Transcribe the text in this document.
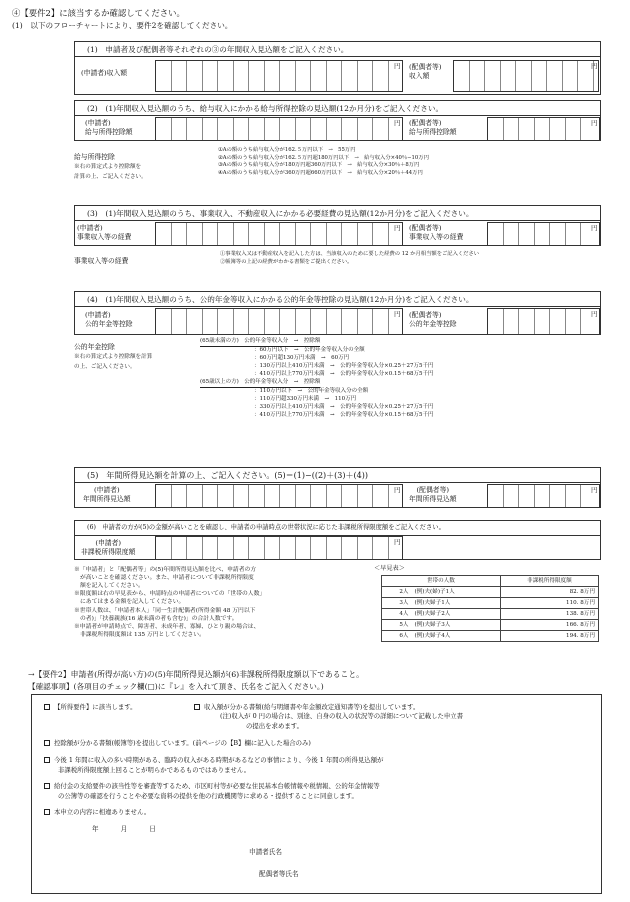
④【要件2】に該当するか確認してください。
(1)　以下のフローチャートにより、要件2を確認してください。
(1)　申請者及び配偶者等それぞれの③の年間収入見込額をご記入ください。
(申請者)収入額
円 (配偶者等)
収入額
円
(2)　(1)年間収入見込額のうち、給与収入にかかる給与所得控除の見込額(12か月分)をご記入ください。
(申請者)
給与所得控除額
円 (配偶者等)
給与所得控除額
円
給与所得控除
※右の算定式より控除額を
計算の上、ご記入ください。
①Aの額のうち給与収入分が162.５万円以下　→　55万円
②Aの額のうち給与収入分が162.５万円超180万円以下　→　給与収入分×40％−10万円
③Aの額のうち給与収入分が180万円超360万円以下　→　給与収入分×30％＋8万円
④Aの額のうち給与収入分が360万円超660万円以下　→　給与収入分×20％＋44万円
(3)　(1)年間収入見込額のうち、事業収入、不動産収入にかかる必要経費の見込額(12か月分)をご記入ください。
(申請者)
事業収入等の経費
円 (配偶者等)
事業収入等の経費
円
事業収入等の経費
①事業収入又は不動産収入を記入した方は、当該収入のために要した経費の 12 か月相当額をご記入ください
②帳簿等の上記の経費がわかる書類をご提出ください。
(4)　(1)年間収入見込額のうち、公的年金等収入にかかる公的年金等控除の見込額(12か月分)をご記入ください。
(申請者)
公的年金等控除
円 (配偶者等)
公的年金等控除
円
公的年金控除
※右の算定式より控除額を計算
の上、ご記入ください。
(65歳未満の方)　公的年金等収入分　→　控除額
：60万円以下　→　公的年金等収入分の全額
：60万円超130万円未満　→　60万円
：130万円以上410万円未満　→　公的年金等収入分×0.25＋27万5千円
：410万円以上770万円未満　→　公的年金等収入分×0.15＋68万5千円
(65歳以上の方)　公的年金等収入分　→　控除額
：110万円以下　→　公的年金等収入分の全額
：110万円超330万円未満　→　110万円
：330万円以上410万円未満　→　公的年金等収入分×0.25＋27万5千円
：410万円以上770万円未満　→　公的年金等収入分×0.15＋68万5千円
(5)　年間所得見込額を計算の上、ご記入ください。(5)＝(1)−((2)＋(3)＋(4))
(申請者)
年間所得見込額
円	(配偶者等)
年間所得見込額
円
(6)　申請者の方が(5)の金額が高いことを確認し、申請者の申請時点の世帯状況に応じた非課税所得限度額をご記入ください。
(申請者)
非課税所得限度額
円
※「申請者」と「配偶者等」の(5)年間所得見込額を比べ、申請者の方
が高いことを確認ください。また、申請者について非課税所得限度
額を記入してください。
※限度額は右の早見表から、申請時点の申請者についての「世帯の人数」
にあてはまる金額を記入してください。
※世帯人数は、「申請者本人」「同一生計配偶者(所得金額 48 万円以下
の者)」「扶養親族(16 歳未満の者も含む)」の合計人数です。
※申請者が申請時点で、障害者、未成年者、寡婦、ひとり親の場合は、
非課税所得限度額は 135 万円としてください。
＜早見表＞
世帯の人数		非課税所得限度額
2人	(例)夫(婦)子1人	82. 8万円
3人	(例)夫婦子1人	110. 8万円
4人	(例)夫婦子2人	138. 8万円
5人	(例)夫婦子3人	166. 8万円
6人	(例)夫婦子4人	194. 8万円
→【要件2】申請者(所得が高い方)の(5)年間所得見込額が(6)非課税所得限度額以下であること。
【確認事項】(各項目のチェック欄(□)に『レ』を入れて頂き、氏名をご記入ください。)
【所得要件】に該当します。	収入額が分かる書類(給与明細書や年金額改定通知書等)を提出しています。
(注)収入が 0 円の場合は、別途、自身の収入の状況等の詳細について記載した申立書
の提出を求めます。
控除額が分かる書類(帳簿等)を提出しています。(前ページの【B】欄に記入した場合のみ)
今後 1 年間に収入の多い時期がある、臨時の収入がある時期があるなどの事情により、今後 1 年間の所得見込額が
非課税所得限度額上回ることが明らかであるものではありません。
給付金の支給要件の該当性等を審査等するため、市区町村等が必要な住民基本台帳情報や税情報、公的年金情報等
の公簿等の確認を行うことや必要な資料の提供を他の行政機関等に求める・提供することに同意します。
本申立の内容に相違ありません。
年	月	日
申請者氏名
配偶者等氏名
